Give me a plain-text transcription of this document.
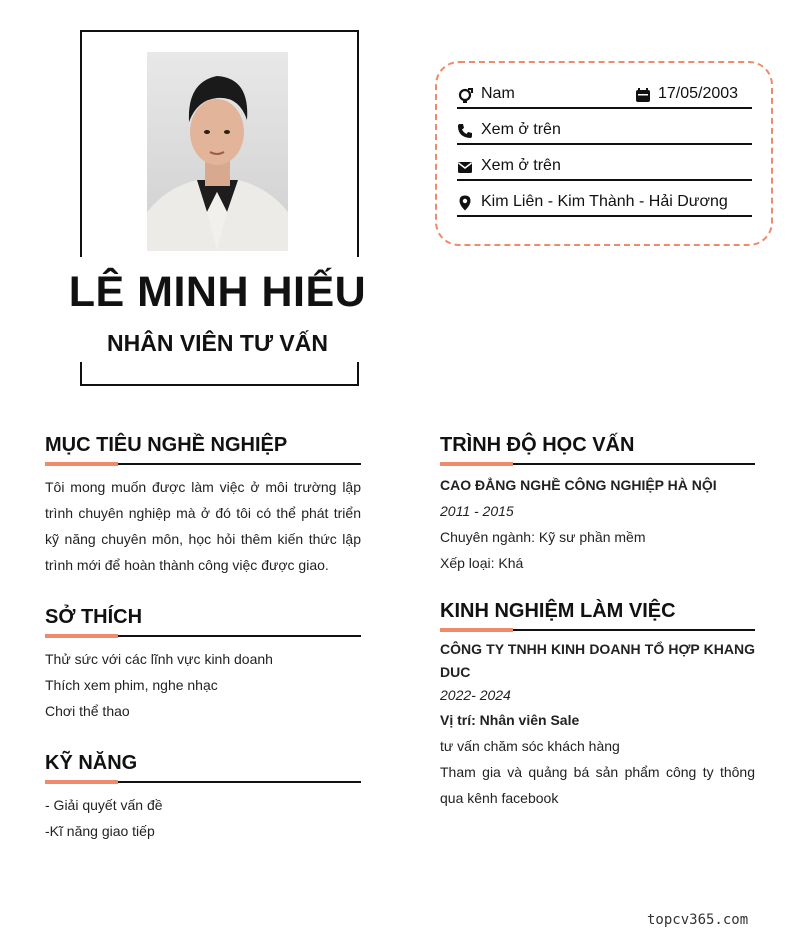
LÊ MINH HIẾU
NHÂN VIÊN TƯ VẤN
Nam	17/05/2003
Xem ở trên
Xem ở trên
Kim Liên - Kim Thành - Hải Dương
MỤC TIÊU NGHỀ NGHIỆP
Tôi mong muốn được làm việc ở môi trường lập trình chuyên nghiệp mà ở đó tôi có thể phát triển kỹ năng chuyên môn, học hỏi thêm kiến thức lập trình mới để hoàn thành công việc được giao.
SỞ THÍCH
Thử sức với các lĩnh vực kinh doanh
Thích xem phim, nghe nhạc
Chơi thể thao
KỸ NĂNG
- Giải quyết vấn đề
-Kĩ năng giao tiếp
TRÌNH ĐỘ HỌC VẤN
CAO ĐẲNG NGHỀ CÔNG NGHIỆP HÀ NỘI
2011 - 2015
Chuyên ngành: Kỹ sư phần mềm
Xếp loại: Khá
KINH NGHIỆM LÀM VIỆC
CÔNG TY TNHH KINH DOANH TỔ HỢP KHANG DUC
2022- 2024
Vị trí: Nhân viên Sale
tư vấn chăm sóc khách hàng
Tham gia và quảng bá sản phẩm công ty thông qua kênh facebook
topcv365.com
